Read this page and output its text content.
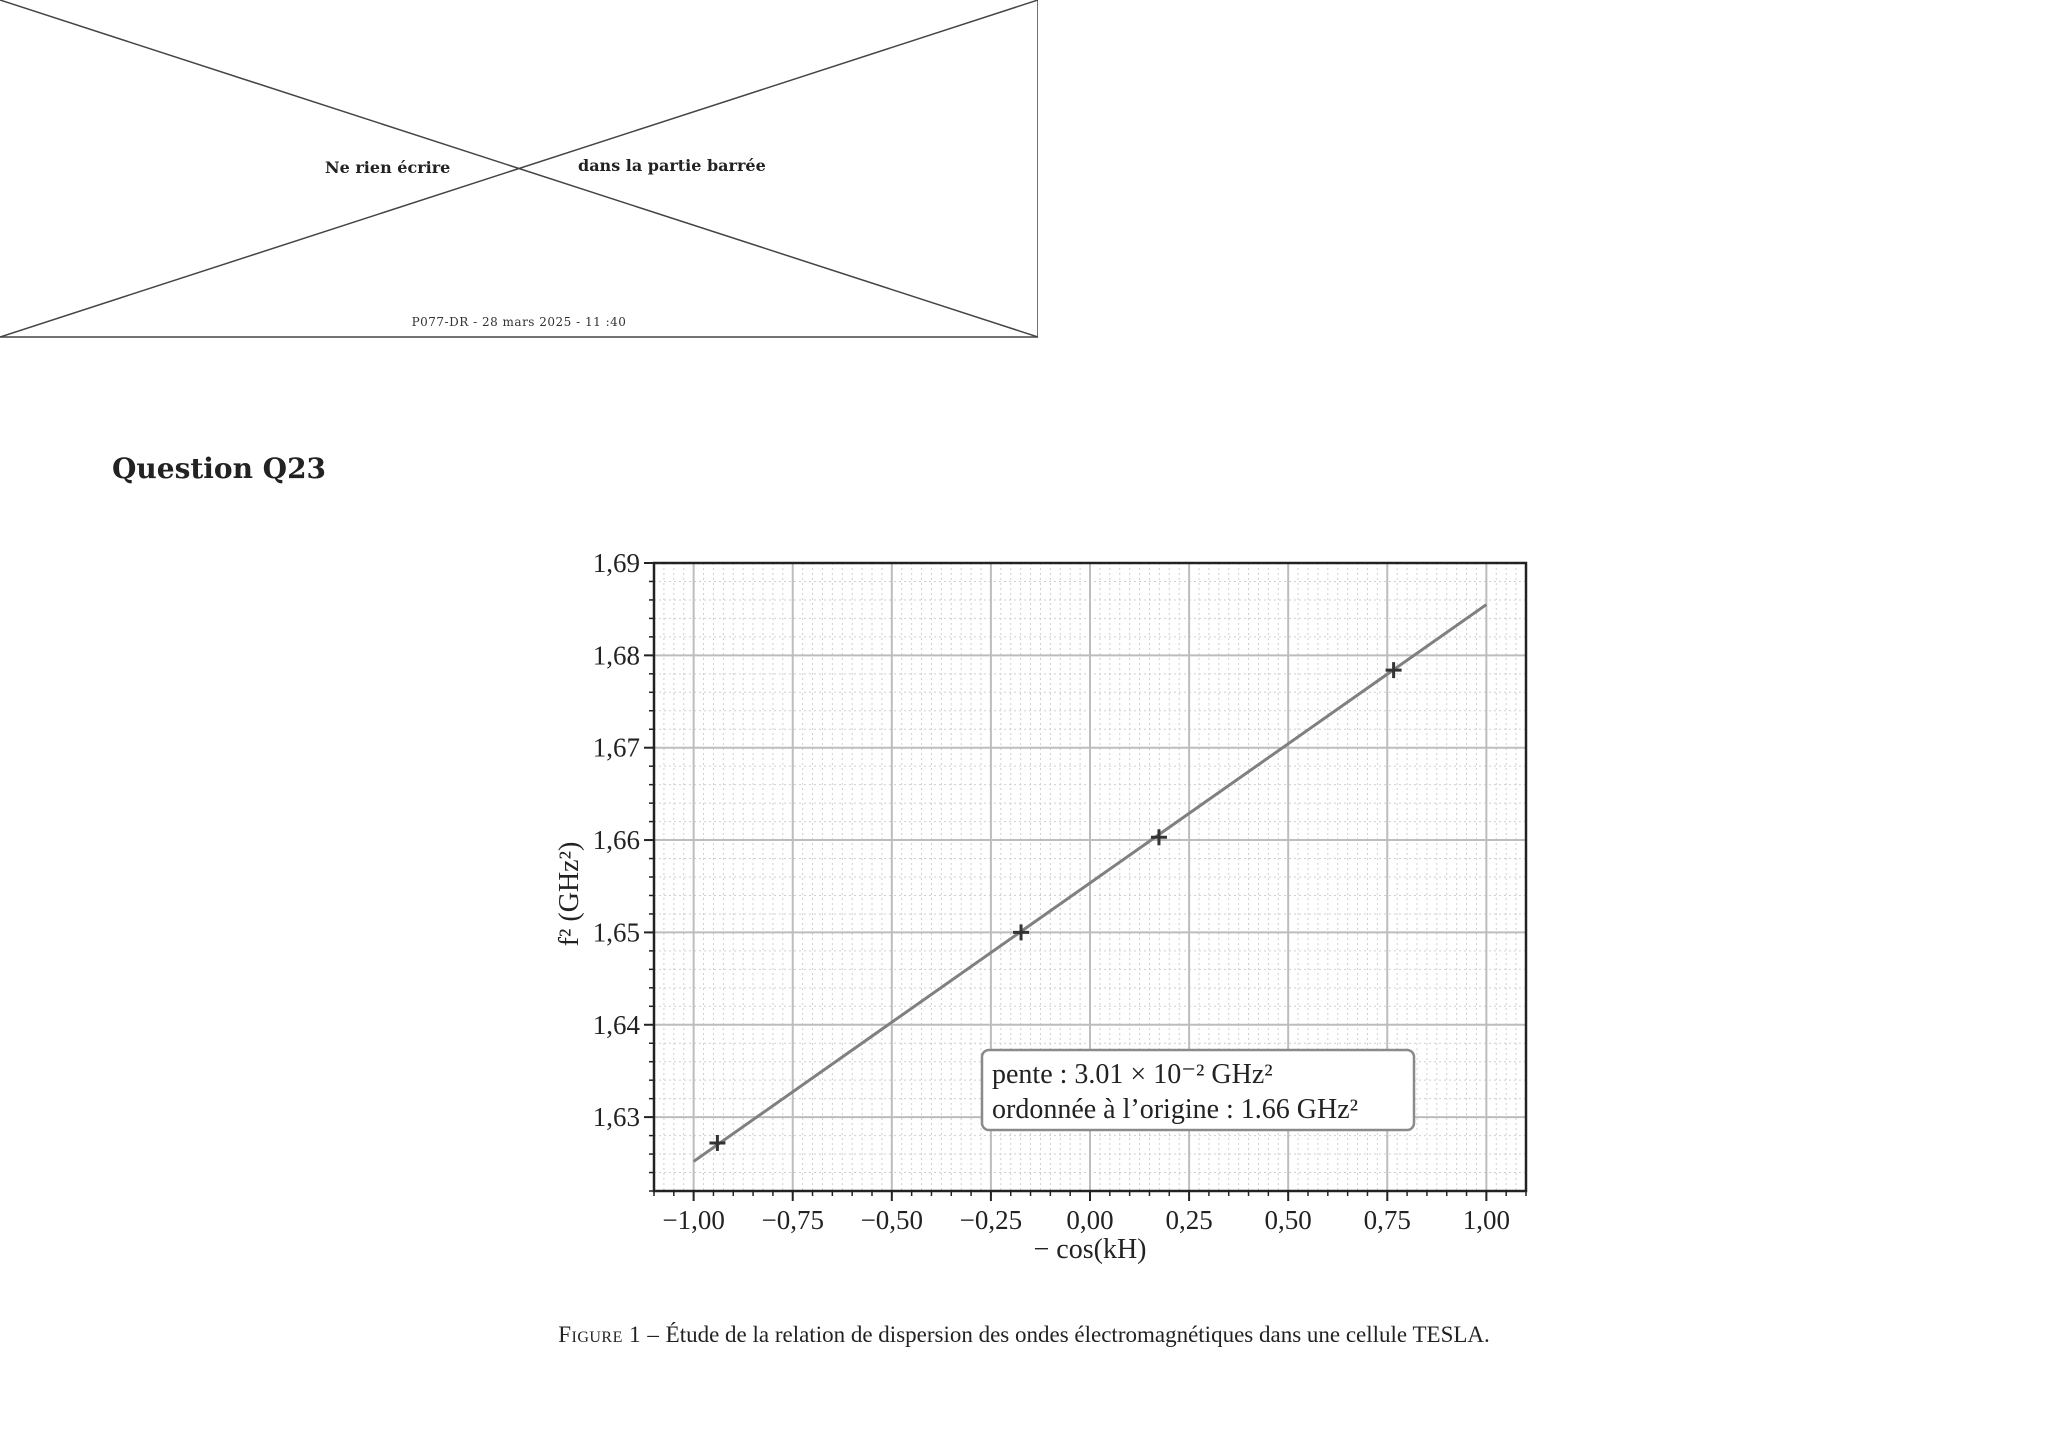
Ne rien écrire	dans la partie barrée
P077-DR - 28 mars 2025 - 11 :40
Question Q23
−1,00 −0,75 −0,50 −0,25 0,00 0,25 0,50 0,75 1,00
1,63
1,64
1,65
1,66
1,67
1,68
1,69
− cos(kH)
f² (GHz²)
pente : 3.01 × 10⁻² GHz²
ordonnée à l’origine : 1.66 GHz²
Figure 1 – Étude de la relation de dispersion des ondes électromagnétiques dans une cellule TESLA.
